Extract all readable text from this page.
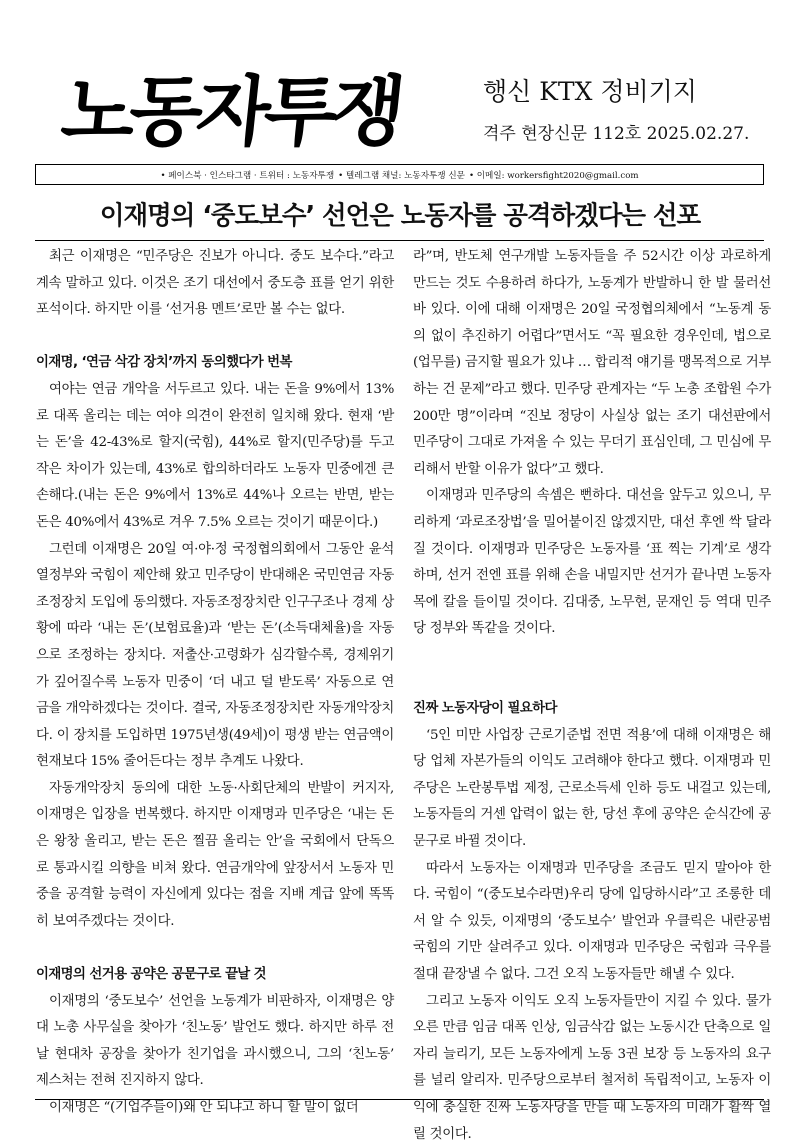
노동자투쟁	행신 KTX 정비기지
격주 현장신문 112호 2025.02.27.
• 페이스북 · 인스타그램 · 트위터 : 노동자투쟁 • 텔레그램 채널: 노동자투쟁 신문 • 이메일: workersfight2020@gmail.com
이재명의 ‘중도보수’ 선언은 노동자를 공격하겠다는 선포

최근 이재명은 “민주당은 진보가 아니다. 중도 보수다.”라고 계속 말하고 있다. 이것은 조기 대선에서 중도층 표를 얻기 위한 포석이다. 하지만 이를 ‘선거용 멘트’로만 볼 수는 없다.

이재명, ‘연금 삭감 장치’까지 동의했다가 번복

여야는 연금 개악을 서두르고 있다. 내는 돈을 9%에서 13%로 대폭 올리는 데는 여야 의견이 완전히 일치해 왔다. 현재 ‘받는 돈’을 42-43%로 할지(국힘), 44%로 할지(민주당)를 두고 작은 차이가 있는데, 43%로 합의하더라도 노동자 민중에겐 큰 손해다.(내는 돈은 9%에서 13%로 44%나 오르는 반면, 받는 돈은 40%에서 43%로 겨우 7.5% 오르는 것이기 때문이다.)

그런데 이재명은 20일 여·야·정 국정협의회에서 그동안 윤석열정부와 국힘이 제안해 왔고 민주당이 반대해온 국민연금 자동조정장치 도입에 동의했다. 자동조정장치란 인구구조나 경제 상황에 따라 ‘내는 돈’(보험료율)과 ‘받는 돈’(소득대체율)을 자동으로 조정하는 장치다. 저출산·고령화가 심각할수록, 경제위기가 깊어질수록 노동자 민중이 ‘더 내고 덜 받도록’ 자동으로 연금을 개악하겠다는 것이다. 결국, 자동조정장치란 자동개악장치다. 이 장치를 도입하면 1975년생(49세)이 평생 받는 연금액이 현재보다 15% 줄어든다는 정부 추계도 나왔다.

자동개악장치 동의에 대한 노동·사회단체의 반발이 커지자, 이재명은 입장을 번복했다. 하지만 이재명과 민주당은 ‘내는 돈은 왕창 올리고, 받는 돈은 찔끔 올리는 안’을 국회에서 단독으로 통과시킬 의향을 비쳐 왔다. 연금개악에 앞장서서 노동자 민중을 공격할 능력이 자신에게 있다는 점을 지배 계급 앞에 똑똑히 보여주겠다는 것이다.

이재명의 선거용 공약은 공문구로 끝날 것

이재명의 ‘중도보수’ 선언을 노동계가 비판하자, 이재명은 양대 노총 사무실을 찾아가 ‘친노동’ 발언도 했다. 하지만 하루 전날 현대차 공장을 찾아가 친기업을 과시했으니, 그의 ‘친노동’ 제스처는 전혀 진지하지 않다.

이재명은 “(기업주들이)왜 안 되냐고 하니 할 말이 없더

라”며, 반도체 연구개발 노동자들을 주 52시간 이상 과로하게 만드는 것도 수용하려 하다가, 노동계가 반발하니 한 발 물러선 바 있다. 이에 대해 이재명은 20일 국정협의체에서 “노동계 동의 없이 추진하기 어렵다”면서도 “꼭 필요한 경우인데, 법으로 (업무를) 금지할 필요가 있냐 … 합리적 얘기를 맹목적으로 거부하는 건 문제”라고 했다. 민주당 관계자는 “두 노총 조합원 수가 200만 명”이라며 “진보 정당이 사실상 없는 조기 대선판에서 민주당이 그대로 가져올 수 있는 무더기 표심인데, 그 민심에 무리해서 반할 이유가 없다”고 했다.

이재명과 민주당의 속셈은 뻔하다. 대선을 앞두고 있으니, 무리하게 ‘과로조장법’을 밀어붙이진 않겠지만, 대선 후엔 싹 달라질 것이다. 이재명과 민주당은 노동자를 ‘표 찍는 기계’로 생각하며, 선거 전엔 표를 위해 손을 내밀지만 선거가 끝나면 노동자 목에 칼을 들이밀 것이다. 김대중, 노무현, 문재인 등 역대 민주당 정부와 똑같을 것이다.

진짜 노동자당이 필요하다

‘5인 미만 사업장 근로기준법 전면 적용’에 대해 이재명은 해당 업체 자본가들의 이익도 고려해야 한다고 했다. 이재명과 민주당은 노란봉투법 제정, 근로소득세 인하 등도 내걸고 있는데, 노동자들의 거센 압력이 없는 한, 당선 후에 공약은 순식간에 공문구로 바뀔 것이다.

따라서 노동자는 이재명과 민주당을 조금도 믿지 말아야 한다. 국힘이 “(중도보수라면)우리 당에 입당하시라”고 조롱한 데서 알 수 있듯, 이재명의 ‘중도보수’ 발언과 우클릭은 내란공범 국힘의 기만 살려주고 있다. 이재명과 민주당은 국힘과 극우를 절대 끝장낼 수 없다. 그건 오직 노동자들만 해낼 수 있다.

그리고 노동자 이익도 오직 노동자들만이 지킬 수 있다. 물가 오른 만큼 임금 대폭 인상, 임금삭감 없는 노동시간 단축으로 일자리 늘리기, 모든 노동자에게 노동 3권 보장 등 노동자의 요구를 널리 알리자. 민주당으로부터 철저히 독립적이고, 노동자 이익에 충실한 진짜 노동자당을 만들 때 노동자의 미래가 활짝 열릴 것이다.
